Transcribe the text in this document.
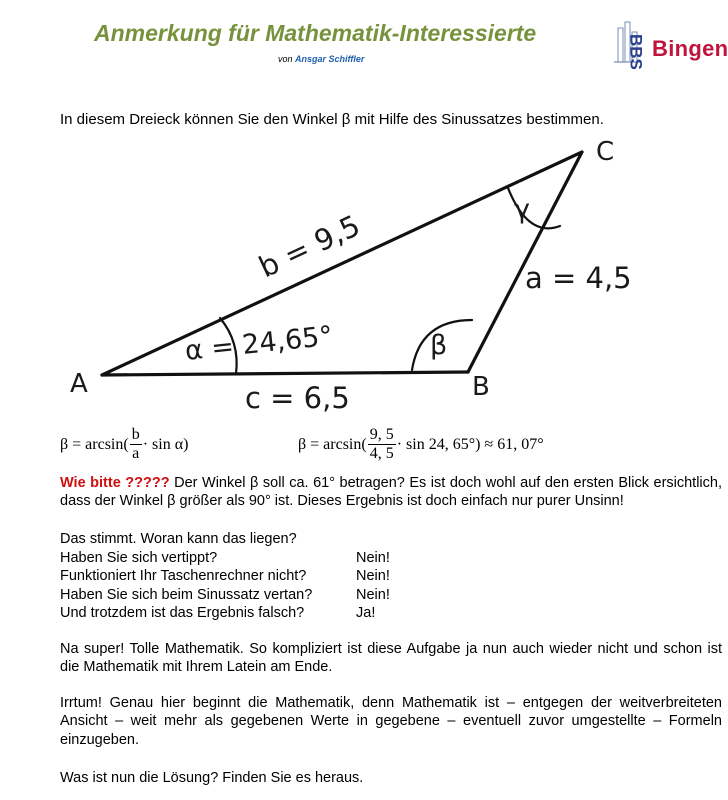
Anmerkung für Mathematik-Interessierte
von Ansgar Schiffler	BBS Bingen
In diesem Dreieck können Sie den Winkel β mit Hilfe des Sinussatzes bestimmen.
A	B
C
b = 9,5	a = 4,5
c = 6,5
α = 24,65°	β
γ
$\beta = \arcsin( \frac{b}{a} \cdot \sin \alpha)$	$\beta = \arcsin( \frac{9, 5}{4, 5} \cdot \sin 24$, 65°) ≈ 61, 07°
Wie bitte ????? Der Winkel β soll ca. 61° betragen? Es ist doch wohl auf den ersten Blick ersichtlich, dass der Winkel β größer als 90° ist. Dieses Ergebnis ist doch einfach nur purer Unsinn!
Das stimmt. Woran kann das liegen?
Haben Sie sich vertippt?	Nein!
Funktioniert Ihr Taschenrechner nicht?	Nein!
Haben Sie sich beim Sinussatz vertan?	Nein!
Und trotzdem ist das Ergebnis falsch?	Ja!
Na super! Tolle Mathematik. So kompliziert ist diese Aufgabe ja nun auch wieder nicht und schon ist die Mathematik mit Ihrem Latein am Ende.
Irrtum! Genau hier beginnt die Mathematik, denn Mathematik ist – entgegen der weitverbreiteten Ansicht – weit mehr als gegebenen Werte in gegebene – eventuell zuvor umgestellte – Formeln einzugeben.
Was ist nun die Lösung? Finden Sie es heraus.
